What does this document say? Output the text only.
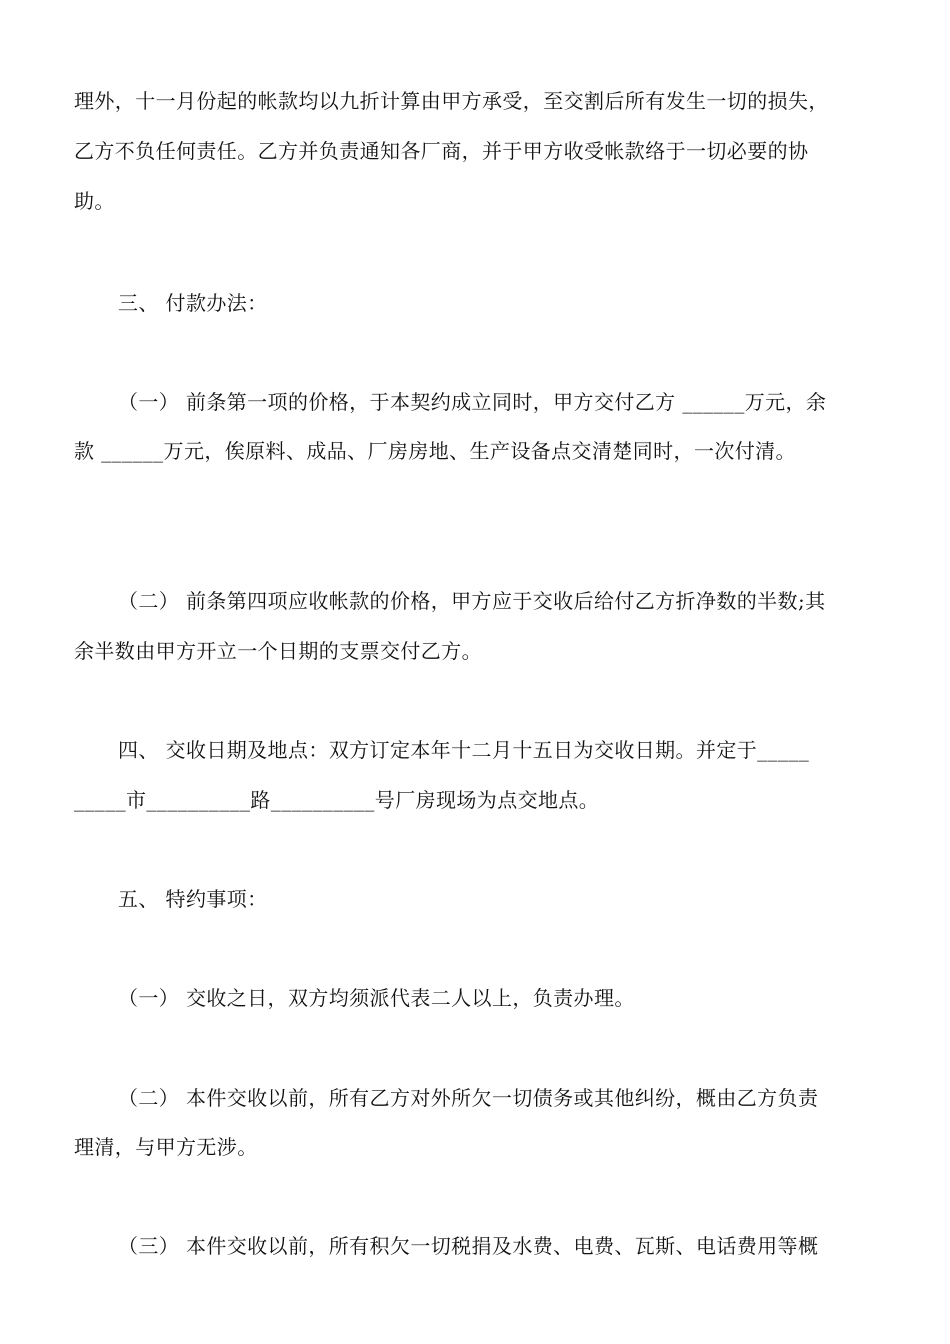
理外，十一月份起的帐款均以九折计算由甲方承受，至交割后所有发生一切的损失，
乙方不负任何责任。乙方并负责通知各厂商，并于甲方收受帐款络于一切必要的协
助。
三、 付款办法：
（一） 前条第一项的价格，于本契约成立同时，甲方交付乙方 ______万元，余
款 ______万元，俟原料、成品、厂房房地、生产设备点交清楚同时，一次付清。
（二） 前条第四项应收帐款的价格，甲方应于交收后给付乙方折净数的半数;其
余半数由甲方开立一个日期的支票交付乙方。
四、 交收日期及地点：双方订定本年十二月十五日为交收日期。并定于_____
_____市__________路__________号厂房现场为点交地点。
五、 特约事项：
（一） 交收之日，双方均须派代表二人以上，负责办理。
（二） 本件交收以前，所有乙方对外所欠一切债务或其他纠纷，概由乙方负责
理清，与甲方无涉。
（三） 本件交收以前，所有积欠一切税捐及水费、电费、瓦斯、电话费用等概
